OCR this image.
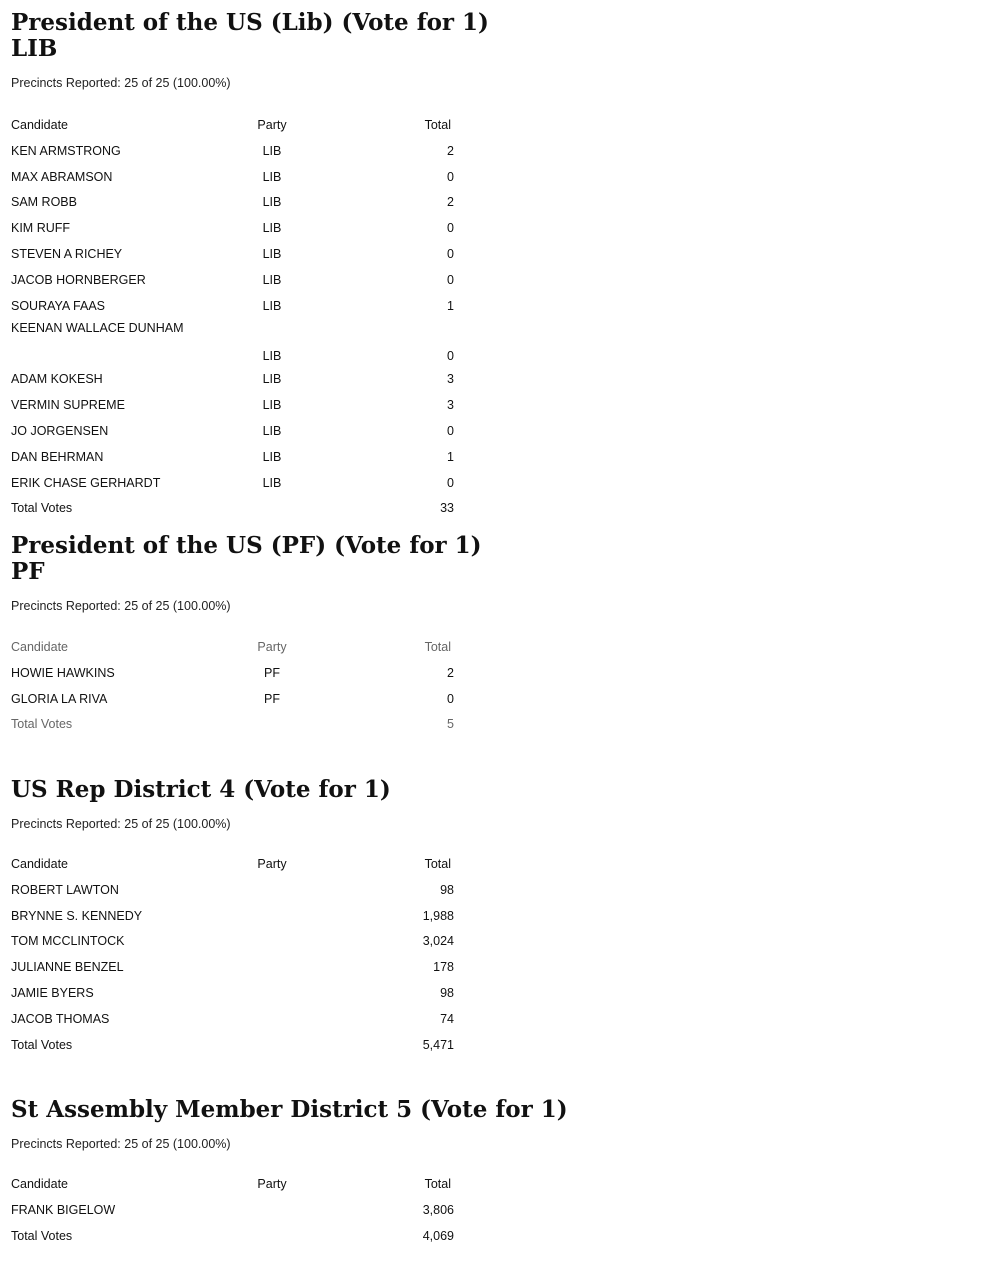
President of the US (Lib) (Vote for 1)
LIB
Precincts Reported: 25 of 25 (100.00%)
Candidate	Party	Total
KEN ARMSTRONG	LIB	2
MAX ABRAMSON	LIB	0
SAM ROBB	LIB	2
KIM RUFF	LIB	0
STEVEN A RICHEY	LIB	0
JACOB HORNBERGER	LIB	0
SOURAYA FAAS	LIB	1
KEENAN WALLACE DUNHAM	LIB	0
ADAM KOKESH	LIB	3
VERMIN SUPREME	LIB	3
JO JORGENSEN	LIB	0
DAN BEHRMAN	LIB	1
ERIK CHASE GERHARDT	LIB	0
Total Votes		33
President of the US (PF) (Vote for 1)
PF
Precincts Reported: 25 of 25 (100.00%)
Candidate	Party	Total
HOWIE HAWKINS	PF	2
GLORIA LA RIVA	PF	0
Total Votes		5
US Rep District 4 (Vote for 1)
Precincts Reported: 25 of 25 (100.00%)
Candidate	Party	Total
ROBERT LAWTON		98
BRYNNE S. KENNEDY		1,988
TOM MCCLINTOCK		3,024
JULIANNE BENZEL		178
JAMIE BYERS		98
JACOB THOMAS		74
Total Votes		5,471
St Assembly Member District 5 (Vote for 1)
Precincts Reported: 25 of 25 (100.00%)
Candidate	Party	Total
FRANK BIGELOW		3,806
Total Votes		4,069
